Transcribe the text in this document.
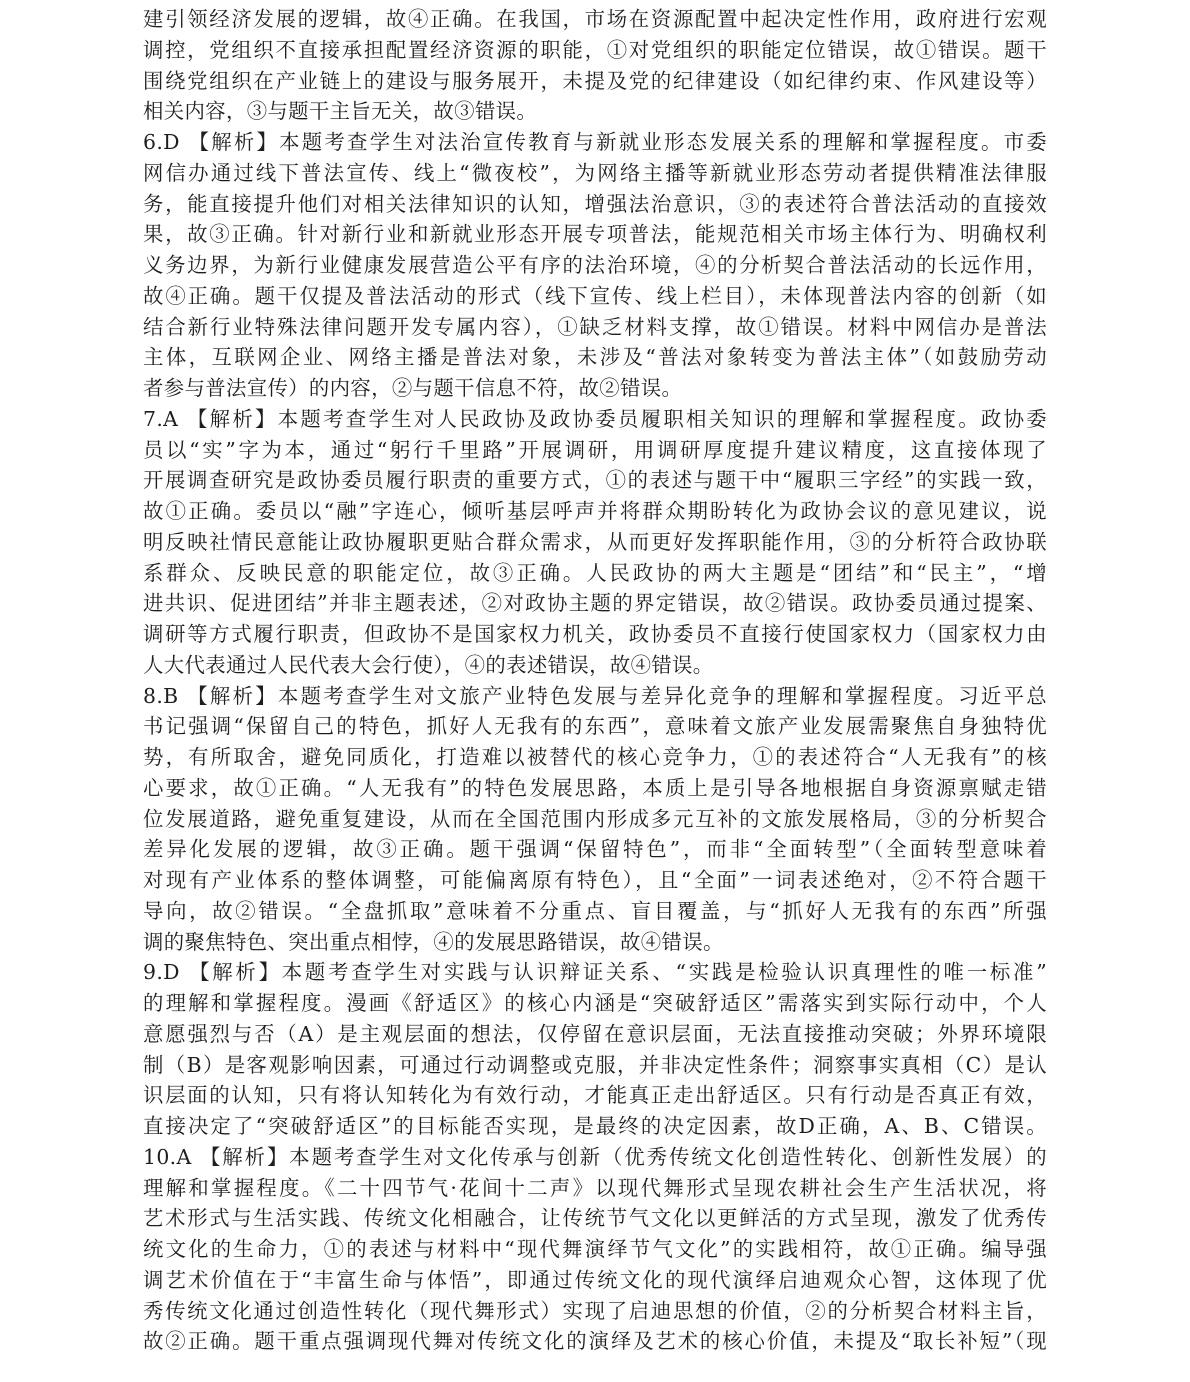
建引领经济发展的逻辑，故④正确。在我国，市场在资源配置中起决定性作用，政府进行宏观
调控，党组织不直接承担配置经济资源的职能，①对党组织的职能定位错误，故①错误。题干
围绕党组织在产业链上的建设与服务展开，未提及党的纪律建设（如纪律约束、作风建设等）
相关内容，③与题干主旨无关，故③错误。
6.D 【解析】本题考查学生对法治宣传教育与新就业形态发展关系的理解和掌握程度。市委
网信办通过线下普法宣传、线上“微夜校”，为网络主播等新就业形态劳动者提供精准法律服
务，能直接提升他们对相关法律知识的认知，增强法治意识，③的表述符合普法活动的直接效
果，故③正确。针对新行业和新就业形态开展专项普法，能规范相关市场主体行为、明确权利
义务边界，为新行业健康发展营造公平有序的法治环境，④的分析契合普法活动的长远作用，
故④正确。题干仅提及普法活动的形式（线下宣传、线上栏目），未体现普法内容的创新（如
结合新行业特殊法律问题开发专属内容），①缺乏材料支撑，故①错误。材料中网信办是普法
主体，互联网企业、网络主播是普法对象，未涉及“普法对象转变为普法主体”（如鼓励劳动
者参与普法宣传）的内容，②与题干信息不符，故②错误。
7.A 【解析】本题考查学生对人民政协及政协委员履职相关知识的理解和掌握程度。政协委
员以“实”字为本，通过“躬行千里路”开展调研，用调研厚度提升建议精度，这直接体现了
开展调查研究是政协委员履行职责的重要方式，①的表述与题干中“履职三字经”的实践一致，
故①正确。委员以“融”字连心，倾听基层呼声并将群众期盼转化为政协会议的意见建议，说
明反映社情民意能让政协履职更贴合群众需求，从而更好发挥职能作用，③的分析符合政协联
系群众、反映民意的职能定位，故③正确。人民政协的两大主题是“团结”和“民主”，“增
进共识、促进团结”并非主题表述，②对政协主题的界定错误，故②错误。政协委员通过提案、
调研等方式履行职责，但政协不是国家权力机关，政协委员不直接行使国家权力（国家权力由
人大代表通过人民代表大会行使），④的表述错误，故④错误。
8.B 【解析】本题考查学生对文旅产业特色发展与差异化竞争的理解和掌握程度。习近平总
书记强调“保留自己的特色，抓好人无我有的东西”，意味着文旅产业发展需聚焦自身独特优
势，有所取舍，避免同质化，打造难以被替代的核心竞争力，①的表述符合“人无我有”的核
心要求，故①正确。“人无我有”的特色发展思路，本质上是引导各地根据自身资源禀赋走错
位发展道路，避免重复建设，从而在全国范围内形成多元互补的文旅发展格局，③的分析契合
差异化发展的逻辑，故③正确。题干强调“保留特色”，而非“全面转型”（全面转型意味着
对现有产业体系的整体调整，可能偏离原有特色），且“全面”一词表述绝对，②不符合题干
导向，故②错误。“全盘抓取”意味着不分重点、盲目覆盖，与“抓好人无我有的东西”所强
调的聚焦特色、突出重点相悖，④的发展思路错误，故④错误。
9.D 【解析】本题考查学生对实践与认识辩证关系、“实践是检验认识真理性的唯一标准”
的理解和掌握程度。漫画《舒适区》的核心内涵是“突破舒适区”需落实到实际行动中，个人
意愿强烈与否（A）是主观层面的想法，仅停留在意识层面，无法直接推动突破；外界环境限
制（B）是客观影响因素，可通过行动调整或克服，并非决定性条件；洞察事实真相（C）是认
识层面的认知，只有将认知转化为有效行动，才能真正走出舒适区。只有行动是否真正有效，
直接决定了“突破舒适区”的目标能否实现，是最终的决定因素，故D正确，A、B、C错误。
10.A 【解析】本题考查学生对文化传承与创新（优秀传统文化创造性转化、创新性发展）的
理解和掌握程度。《二十四节气·花间十二声》以现代舞形式呈现农耕社会生产生活状况，将
艺术形式与生活实践、传统文化相融合，让传统节气文化以更鲜活的方式呈现，激发了优秀传
统文化的生命力，①的表述与材料中“现代舞演绎节气文化”的实践相符，故①正确。编导强
调艺术价值在于“丰富生命与体悟”，即通过传统文化的现代演绎启迪观众心智，这体现了优
秀传统文化通过创造性转化（现代舞形式）实现了启迪思想的价值，②的分析契合材料主旨，
故②正确。题干重点强调现代舞对传统文化的演绎及艺术的核心价值，未提及“取长补短”（现
